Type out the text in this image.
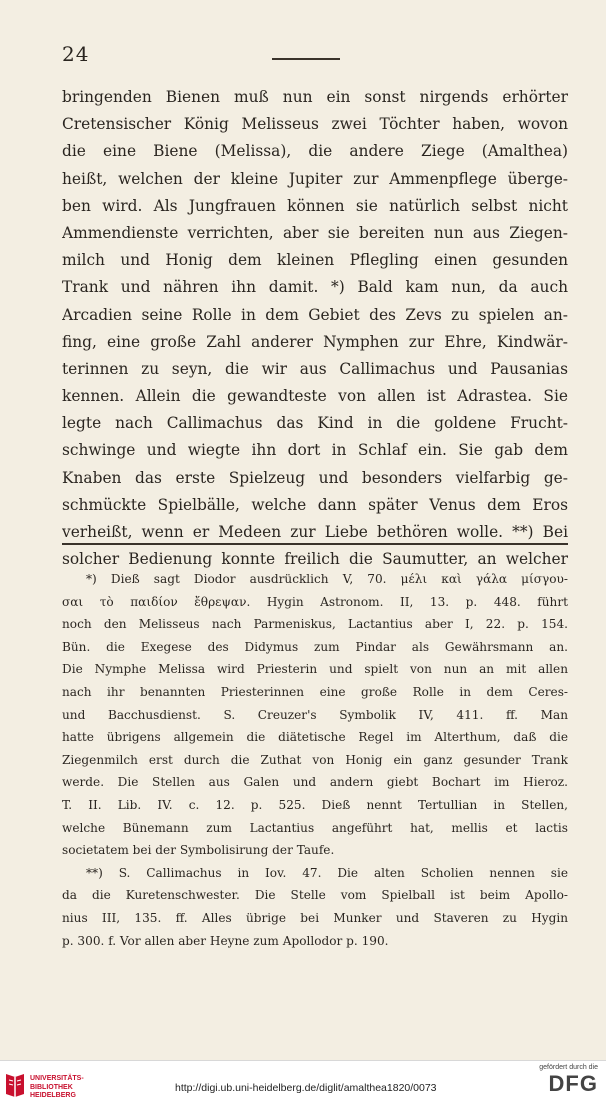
24
bringenden Bienen muß nun ein sonst nirgends erhörter
Cretensischer König Melisseus zwei Töchter haben, wovon
die eine Biene (Melissa), die andere Ziege (Amalthea)
heißt, welchen der kleine Jupiter zur Ammenpflege überge-
ben wird. Als Jungfrauen können sie natürlich selbst nicht
Ammendienste verrichten, aber sie bereiten nun aus Ziegen-
milch und Honig dem kleinen Pflegling einen gesunden
Trank und nähren ihn damit. *) Bald kam nun, da auch
Arcadien seine Rolle in dem Gebiet des Zevs zu spielen an-
fing, eine große Zahl anderer Nymphen zur Ehre, Kindwär-
terinnen zu seyn, die wir aus Callimachus und Pausanias
kennen. Allein die gewandteste von allen ist Adrastea. Sie
legte nach Callimachus das Kind in die goldene Frucht-
schwinge und wiegte ihn dort in Schlaf ein. Sie gab dem
Knaben das erste Spielzeug und besonders vielfarbig ge-
schmückte Spielbälle, welche dann später Venus dem Eros
verheißt, wenn er Medeen zur Liebe bethören wolle. **) Bei
solcher Bedienung konnte freilich die Saumutter, an welcher
*) Dieß sagt Diodor ausdrücklich V, 70. μέλι καὶ γάλα μίσγου-
σαι τὸ παιδίον ἔθρεψαν. Hygin Astronom. II, 13. p. 448. führt
noch den Melisseus nach Parmeniskus, Lactantius aber I, 22. p. 154.
Bün. die Exegese des Didymus zum Pindar als Gewährsmann an.
Die Nymphe Melissa wird Priesterin und spielt von nun an mit allen
nach ihr benannten Priesterinnen eine große Rolle in dem Ceres-
und Bacchusdienst. S. Creuzer's Symbolik IV, 411. ff. Man
hatte übrigens allgemein die diätetische Regel im Alterthum, daß die
Ziegenmilch erst durch die Zuthat von Honig ein ganz gesunder Trank
werde. Die Stellen aus Galen und andern giebt Bochart im Hieroz.
T. II. Lib. IV. c. 12. p. 525. Dieß nennt Tertullian in Stellen,
welche Bünemann zum Lactantius angeführt hat, mellis et lactis
societatem bei der Symbolisirung der Taufe.
**) S. Callimachus in Iov. 47. Die alten Scholien nennen sie
da die Kuretenschwester. Die Stelle vom Spielball ist beim Apollo-
nius III, 135. ff. Alles übrige bei Munker und Staveren zu Hygin
p. 300. f. Vor allen aber Heyne zum Apollodor p. 190.
UNIVERSITÄTS-
BIBLIOTHEK
HEIDELBERG
http://digi.ub.uni-heidelberg.de/diglit/amalthea1820/0073
gefördert durch die
DFG
